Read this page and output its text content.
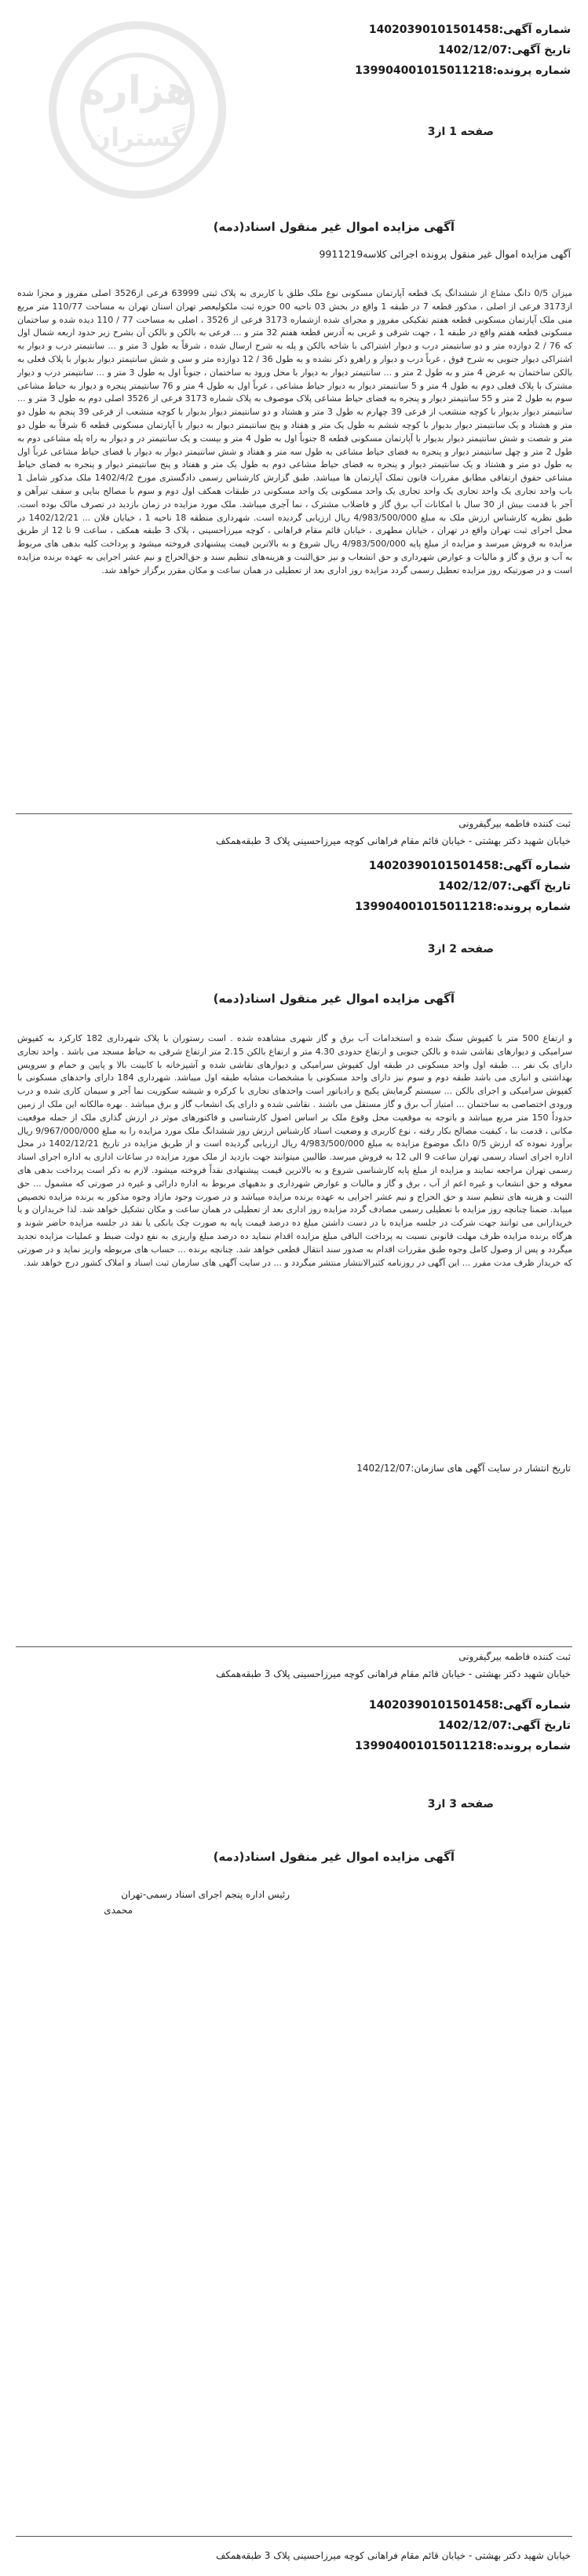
هزاره
گستران
شماره آگهی:14020390101501458
تاریخ آگهی:1402/12/07
شماره پرونده:139904001015011218
صفحه 1 از3
آگهی مزایده اموال غیر منقول اسناد(دمه)
آگهی مزایده اموال غیر منقول پرونده اجرائی کلاسه9911219
میزان 0/5 دانگ مشاع از ششدانگ یک قطعه آپارتمان مسکونی نوع ملک طلق با کاربری به پلاک ثبتی 63999 فرعی از3526 اصلی مفروز و مجزا شده از3173 فرعی از اصلی ، مذکور قطعه 7 در طبقه 1 واقع در بخش 03 ناحیه 00 حوزه ثبت ملکولیعصر تهران استان تهران به مساحت 110/77 متر مربع منی ملک آپارتمان مسکونی قطعه هفتم تفکیکی مفروز و مجرای شده ازشماره 3173 فرعی از 3526 ، اصلی به مساحت 77 / 110 دیده شده و ساختمان مسکونی قطعه هفتم واقع در طبقه 1 ، جهت شرقی و غربی به آدرس قطعه هفتم 32 متر و ... فرعی به بالکن و بالکن آن بشرح زیر حدود اربعه شمال اول که 76 / 2 دوازده متر و دو سانتیمتر درب و دیوار اشتراکی با شاخه بالکن و پله به شرح ارسال شده ، شرقاً به طول 3 متر و ... سانتیمتر درب و دیوار به اشتراکی دیوار جنوبی به شرح فوق ، غرباً درب و دیوار و راهرو ذکر نشده و به طول 36 / 12 دوازده متر و سی و شش سانتیمتر دیوار بدیوار با پلاک فعلی به بالکن ساختمان به عرض 4 متر و به طول 2 متر و ... سانتیمتر دیوار به دیوار با محل ورود به ساختمان ، جنوباً اول به طول 3 متر و ... سانتیمتر درب و دیوار مشترک با پلاک فعلی دوم به طول 4 متر و 5 سانتیمتر دیوار به دیوار حیاط مشاعی ، غرباً اول به طول 4 متر و 76 سانتیمتر پنجره و دیوار به حیاط مشاعی سوم به طول 2 متر و 55 سانتیمتر دیوار و پنجره به فضای حیاط مشاعی پلاک موصوف به پلاک شماره 3173 فرعی از 3526 اصلی دوم به طول 3 متر و ... سانتیمتر دیوار بدیوار با کوچه منشعب از فرعی 39 چهارم به طول 3 متر و هشتاد و دو سانتیمتر دیوار بدیوار با کوچه منشعب از فرعی 39 پنجم به طول دو متر و هشتاد و یک سانتیمتر دیوار بدیوار با کوچه ششم به طول یک متر و هفتاد و پنج سانتیمتر دیوار به دیوار با آپارتمان مسکونی قطعه 6 شرقاً به طول دو متر و شصت و شش سانتیمتر دیوار بدیوار با آپارتمان مسکونی قطعه 8 جنوباً اول به طول 4 متر و بیست و یک سانتیمتر در و دیوار به راه پله مشاعی دوم به طول 2 متر و چهل سانتیمتر دیوار و پنجره به فضای حیاط مشاعی به طول سه متر و هفتاد و شش سانتیمتر دیوار به دیوار با فضای حیاط مشاعی غرباً اول به طول دو متر و هشتاد و یک سانتیمتر دیوار و پنجره به فضای حیاط مشاعی دوم به طول یک متر و هفتاد و پنج سانتیمتر دیوار و پنجره به فضای حیاط مشاعی حقوق ارتفاقی مطابق مقررات قانون تملک آپارتمان ها میباشد. طبق گزارش کارشناس رسمی دادگستری مورخ 1402/4/2 ملک مذکور شامل 1 باب واحد تجاری یک واحد تجاری یک واحد تجاری یک واحد مسکونی یک واحد مسکونی در طبقات همکف اول دوم و سوم با مصالح بنایی و سقف تیرآهن و آجر با قدمت بیش از 30 سال با امکانات آب برق گاز و فاضلاب مشترک ، نما آجری میباشد. ملک مورد مزایده در زمان بازدید در تصرف مالک بوده است. طبق نظریه کارشناس ارزش ملک به مبلغ 4/983/500/000 ریال ارزیابی گردیده است. شهرداری منطقه 18 ناحیه 1 ، خیابان فلان ... 1402/12/21 در محل اجرای ثبت تهران واقع در تهران ، خیابان مطهری ، خیابان قائم مقام فراهانی ، کوچه میرزاحسینی ، پلاک 3 طبقه همکف ، ساعت 9 تا 12 از طریق مزایده به فروش میرسد و مزایده از مبلغ پایه 4/983/500/000 ریال شروع و به بالاترین قیمت پیشنهادی فروخته میشود و پرداخت کلیه بدهی های مربوط به آب و برق و گاز و مالیات و عوارض شهرداری و حق انشعاب و نیز حق‌الثبت و هزینه‌های تنظیم سند و حق‌الحراج و نیم عشر اجرایی به عهده برنده مزایده است و در صورتیکه روز مزایده تعطیل رسمی گردد مزایده روز اداری بعد از تعطیلی در همان ساعت و مکان مقرر برگزار خواهد شد.
ثبت کننده فاطمه بیرگیفرونی
خیابان شهید دکتر بهشتی - خیابان قائم مقام فراهانی کوچه میرزاحسینی پلاک 3 طبقه‌همکف
شماره آگهی:14020390101501458
تاریخ آگهی:1402/12/07
شماره پرونده:139904001015011218
صفحه 2 از3
آگهی مزایده اموال غیر منقول اسناد(دمه)
و ارتفاع 500 متر با کفپوش سنگ شده و استخدامات آب برق و گاز شهری مشاهده شده . است رستوران با پلاک شهرداری 182 کارکرد به کفپوش سرامیکی و دیوارهای نقاشی شده و بالکن جنوبی و ارتفاع حدودی 4.30 متر و ارتفاع بالکن 2.15 متر ارتفاع شرقی به حیاط مسجد می باشد . واحد تجاری دارای یک نفر ... طبقه اول واحد مسکونی در طبقه اول کفپوش سرامیکی و دیوارهای نقاشی شده و آشپزخانه با کابینت بالا و پایین و حمام و سرویس بهداشتی و انباری می باشد طبقه دوم و سوم نیز دارای واحد مسکونی با مشخصات مشابه طبقه اول میباشد. شهرداری 184 دارای واحدهای مسکونی با کفپوش سرامیکی و اجرای بالکن ... سیستم گرمایش پکیج و رادیاتور است واحدهای تجاری با کرکره و شیشه سکوریت نما آجر و سیمان کاری شده و درب ورودی اختصاصی به ساختمان ... امتیاز آب برق و گاز مستقل می باشند . نقاشی شده و دارای یک انشعاب گاز و برق میباشد . بهره مالکانه این ملک از زمین حدوداً 150 متر مربع میباشد و باتوجه به موقعیت محل وقوع ملک بر اساس اصول کارشناسی و فاکتورهای موثر در ارزش گذاری ملک از جمله موقعیت مکانی ، قدمت بنا ، کیفیت مصالح بکار رفته ، نوع کاربری و وضعیت اسناد کارشناس ارزش روز ششدانگ ملک مورد مزایده را به مبلغ 9/967/000/000 ریال برآورد نموده که ارزش 0/5 دانگ موضوع مزایده به مبلغ 4/983/500/000 ریال ارزیابی گردیده است و از طریق مزایده در تاریخ 1402/12/21 در محل اداره اجرای اسناد رسمی تهران ساعت 9 الی 12 به فروش میرسد. طالبین میتوانند جهت بازدید از ملک مورد مزایده در ساعات اداری به اداره اجرای اسناد رسمی تهران مراجعه نمایند و مزایده از مبلغ پایه کارشناسی شروع و به بالاترین قیمت پیشنهادی نقداً فروخته میشود. لازم به ذکر است پرداخت بدهی های معوقه و حق انشعاب و غیره اعم از آب ، برق و گاز و مالیات و عوارض شهرداری و بدهیهای مربوط به اداره دارائی و غیره در صورتی که مشمول ... حق الثبت و هزینه های تنظیم سند و حق الحراج و نیم عشر اجرایی به عهده برنده مزایده میباشد و در صورت وجود مازاد وجوه مذکور به برنده مزایده تخصیص مییابد. ضمنا چنانچه روز مزایده با تعطیلی رسمی مصادف گردد مزایده روز اداری بعد از تعطیلی در همان ساعت و مکان تشکیل خواهد شد. لذا خریداران و یا خریدارانی می توانند جهت شرکت در جلسه مزایده با در دست داشتن مبلغ ده درصد قیمت پایه به صورت چک بانکی یا نقد در جلسه مزایده حاضر شوند و هرگاه برنده مزایده ظرف مهلت قانونی نسبت به پرداخت الباقی مبلغ مزایده اقدام ننماید ده درصد مبلغ واریزی به نفع دولت ضبط و عملیات مزایده تجدید میگردد و پس از وصول کامل وجوه طبق مقررات اقدام به صدور سند انتقال قطعی خواهد شد. چنانچه برنده ... حساب های مربوطه واریز نماید و در صورتی که خریدار ظرف مدت مقرر ... این آگهی در روزنامه کثیرالانتشار منتشر میگردد و ... در سایت آگهی های سازمان ثبت اسناد و املاک کشور درج خواهد شد.
تاریخ انتشار در سایت آگهی های سازمان:1402/12/07
ثبت کننده فاطمه بیرگیفرونی
خیابان شهید دکتر بهشتی - خیابان قائم مقام فراهانی کوچه میرزاحسینی پلاک 3 طبقه‌همکف
شماره آگهی:14020390101501458
تاریخ آگهی:1402/12/07
شماره پرونده:139904001015011218
صفحه 3 از3
آگهی مزایده اموال غیر منقول اسناد(دمه)
رئیس اداره پنجم اجرای اسناد رسمی-تهران
محمدی
خیابان شهید دکتر بهشتی - خیابان قائم مقام فراهانی کوچه میرزاحسینی پلاک 3 طبقه‌همکف
